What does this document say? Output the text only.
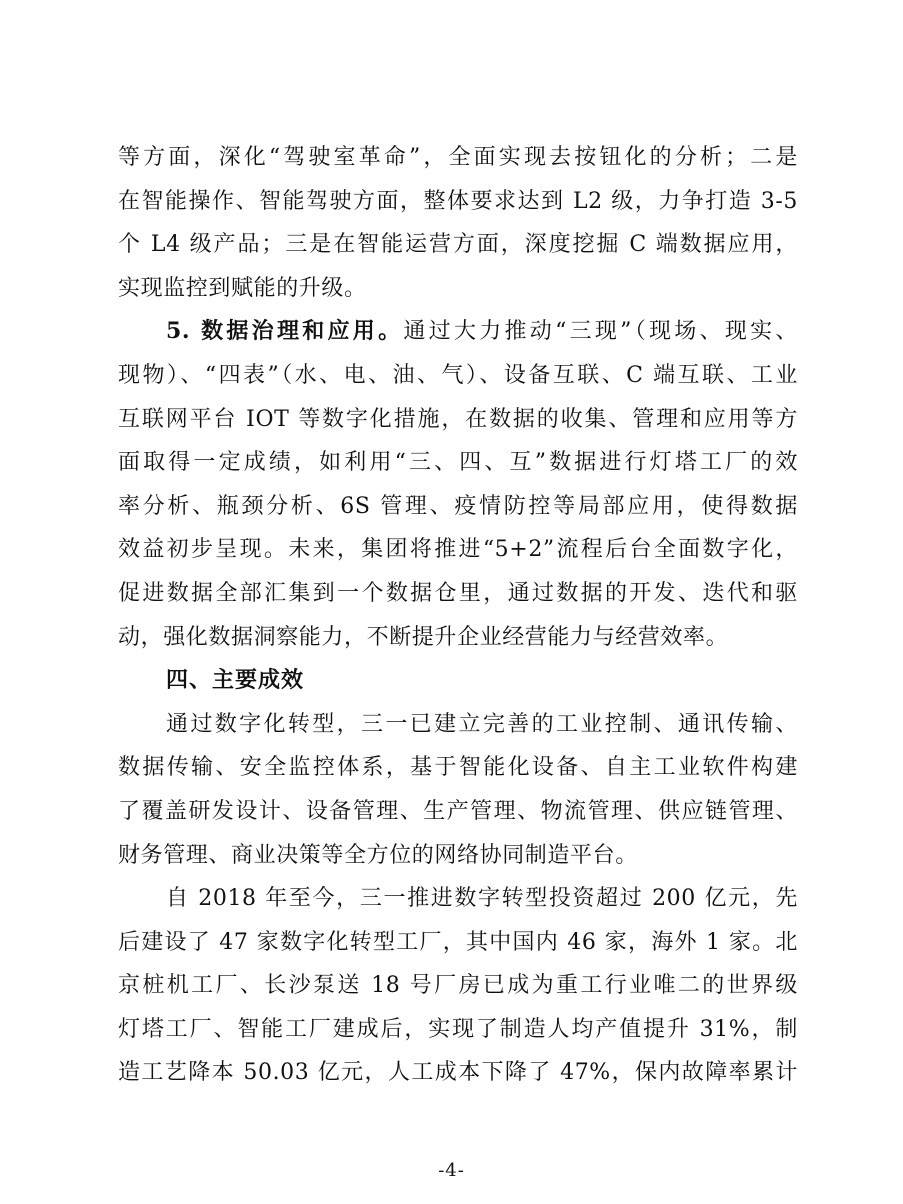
等方面，深化“驾驶室革命”，全面实现去按钮化的分析；二是
在智能操作、智能驾驶方面，整体要求达到 L2 级，力争打造 3-5
个 L4 级产品；三是在智能运营方面，深度挖掘 C 端数据应用，
实现监控到赋能的升级。
5. 数据治理和应用。通过大力推动“三现”（现场、现实、
现物）、“四表”（水、电、油、气）、设备互联、C 端互联、工业
互联网平台 IOT 等数字化措施，在数据的收集、管理和应用等方
面取得一定成绩，如利用“三、四、互”数据进行灯塔工厂的效
率分析、瓶颈分析、6S 管理、疫情防控等局部应用，使得数据
效益初步呈现。未来，集团将推进“5+2”流程后台全面数字化，
促进数据全部汇集到一个数据仓里，通过数据的开发、迭代和驱
动，强化数据洞察能力，不断提升企业经营能力与经营效率。
四、主要成效
通过数字化转型，三一已建立完善的工业控制、通讯传输、
数据传输、安全监控体系，基于智能化设备、自主工业软件构建
了覆盖研发设计、设备管理、生产管理、物流管理、供应链管理、
财务管理、商业决策等全方位的网络协同制造平台。
自 2018 年至今，三一推进数字转型投资超过 200 亿元，先
后建设了 47 家数字化转型工厂，其中国内 46 家，海外 1 家。北
京桩机工厂、长沙泵送 18 号厂房已成为重工行业唯二的世界级
灯塔工厂、智能工厂建成后，实现了制造人均产值提升 31%，制
造工艺降本 50.03 亿元，人工成本下降了 47%，保内故障率累计
-4-
